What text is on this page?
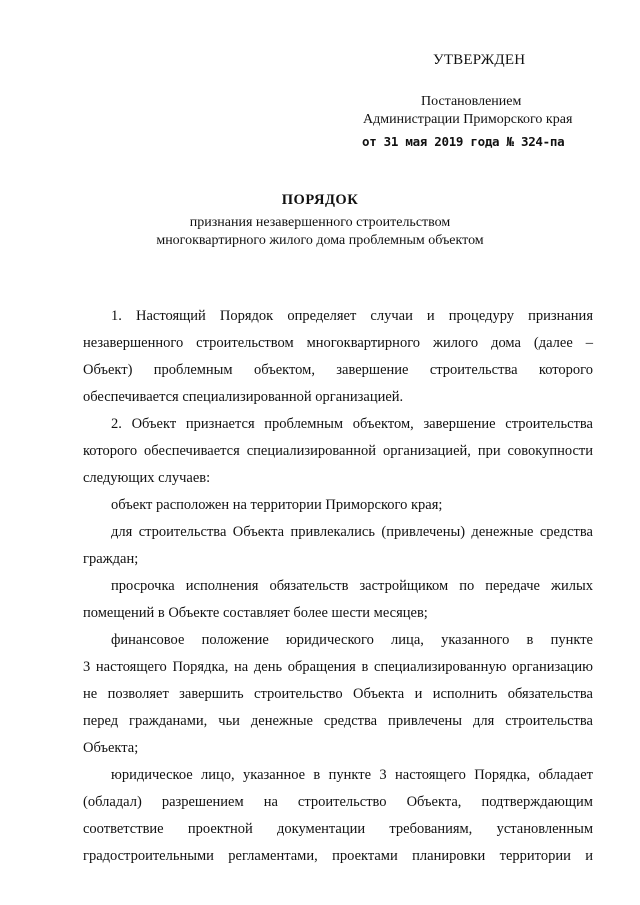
УТВЕРЖДЕН
Постановлением
Администрации Приморского края
от 31 мая 2019 года № 324-па
ПОРЯДОК
признания незавершенного строительством
многоквартирного жилого дома проблемным объектом
1. Настоящий Порядок определяет случаи и процедуру признания
незавершенного строительством многоквартирного жилого дома (далее –
Объект) проблемным объектом, завершение строительства которого
обеспечивается специализированной организацией.
2. Объект признается проблемным объектом, завершение строительства
которого обеспечивается специализированной организацией, при совокупности
следующих случаев:
объект расположен на территории Приморского края;
для строительства Объекта привлекались (привлечены) денежные средства
граждан;
просрочка исполнения обязательств застройщиком по передаче жилых
помещений в Объекте составляет более шести месяцев;
финансовое положение юридического лица, указанного в пункте
3 настоящего Порядка, на день обращения в специализированную организацию
не позволяет завершить строительство Объекта и исполнить обязательства
перед гражданами, чьи денежные средства привлечены для строительства
Объекта;
юридическое лицо, указанное в пункте 3 настоящего Порядка, обладает
(обладал) разрешением на строительство Объекта, подтверждающим
соответствие проектной документации требованиям, установленным
градостроительными регламентами, проектами планировки территории и
